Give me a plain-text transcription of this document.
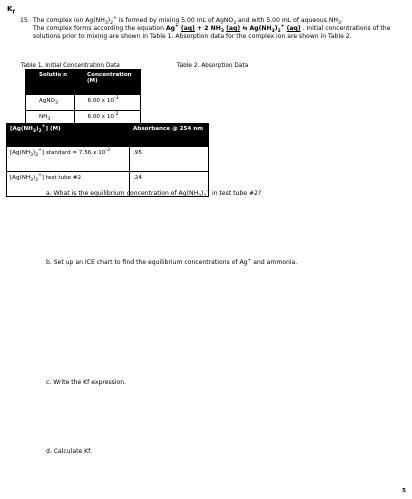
$K_f$
15. The complex ion $Ag(NH_3)_2^+$ is formed by mixing 5.00 mL of AgNO$_3$ and with 5.00 mL of aqueous $NH_3$.
The complex forms according the equation Ag+ (aq) + 2 $NH_3$ (aq) ⇆ $Ag(NH_3)_2^+$ (aq) . Initial concentrations of the solutions prior to mixing are shown in Table 1. Absorption data for the complex ion are shown in Table 2.
Table 1. Initial Concentration Data	Table 2. Absorption Data
Solutio n	Concentration (M)
AgNO$_3$	6.00 x $10^{-3}$
$NH_3$	6.00 x $10^{-2}$
$[Ag(NH_3)_2^+]$ (M)	Absorbance @ 254 nm
$[Ag(NH_3)_2^+]$ standard = 7.56 x $10^{-3}$	.95
$[Ag(NH_3)_2^+]$ test tube #2	.24
a. What is the equilibrium concentration of $Ag(NH_3)_2^+$ in test tube #2?
b. Set up an ICE chart to find the equilibrium concentrations of Ag+ and ammonia.
c. Write the Kf expression.
d. Calculate Kf.
5
